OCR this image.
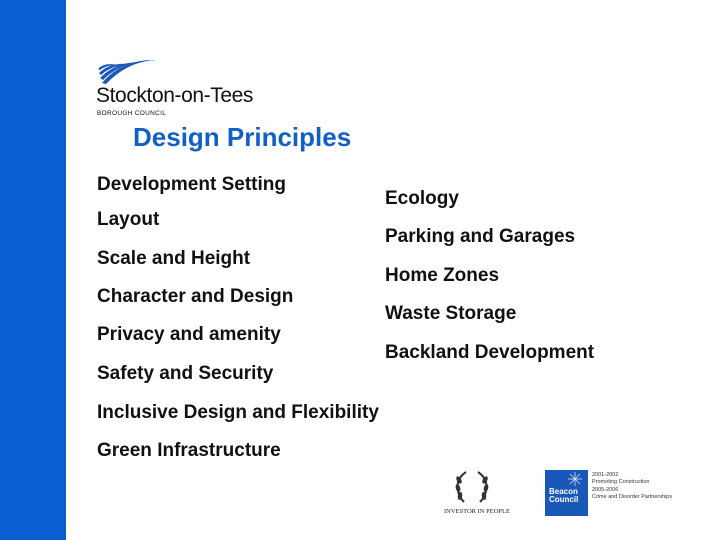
Stockton-on-Tees
BOROUGH COUNCIL
Design Principles
Development Setting
Layout
Scale and Height
Character and Design
Privacy and amenity
Safety and Security
Inclusive Design and Flexibility
Green Infrastructure
Ecology
Parking and Garages
Home Zones
Waste Storage
Backland Development
INVESTOR IN PEOPLE
Beacon
Council
2001-2002
Promoting Construction
2005-2006
Crime and Disorder Partnerships
